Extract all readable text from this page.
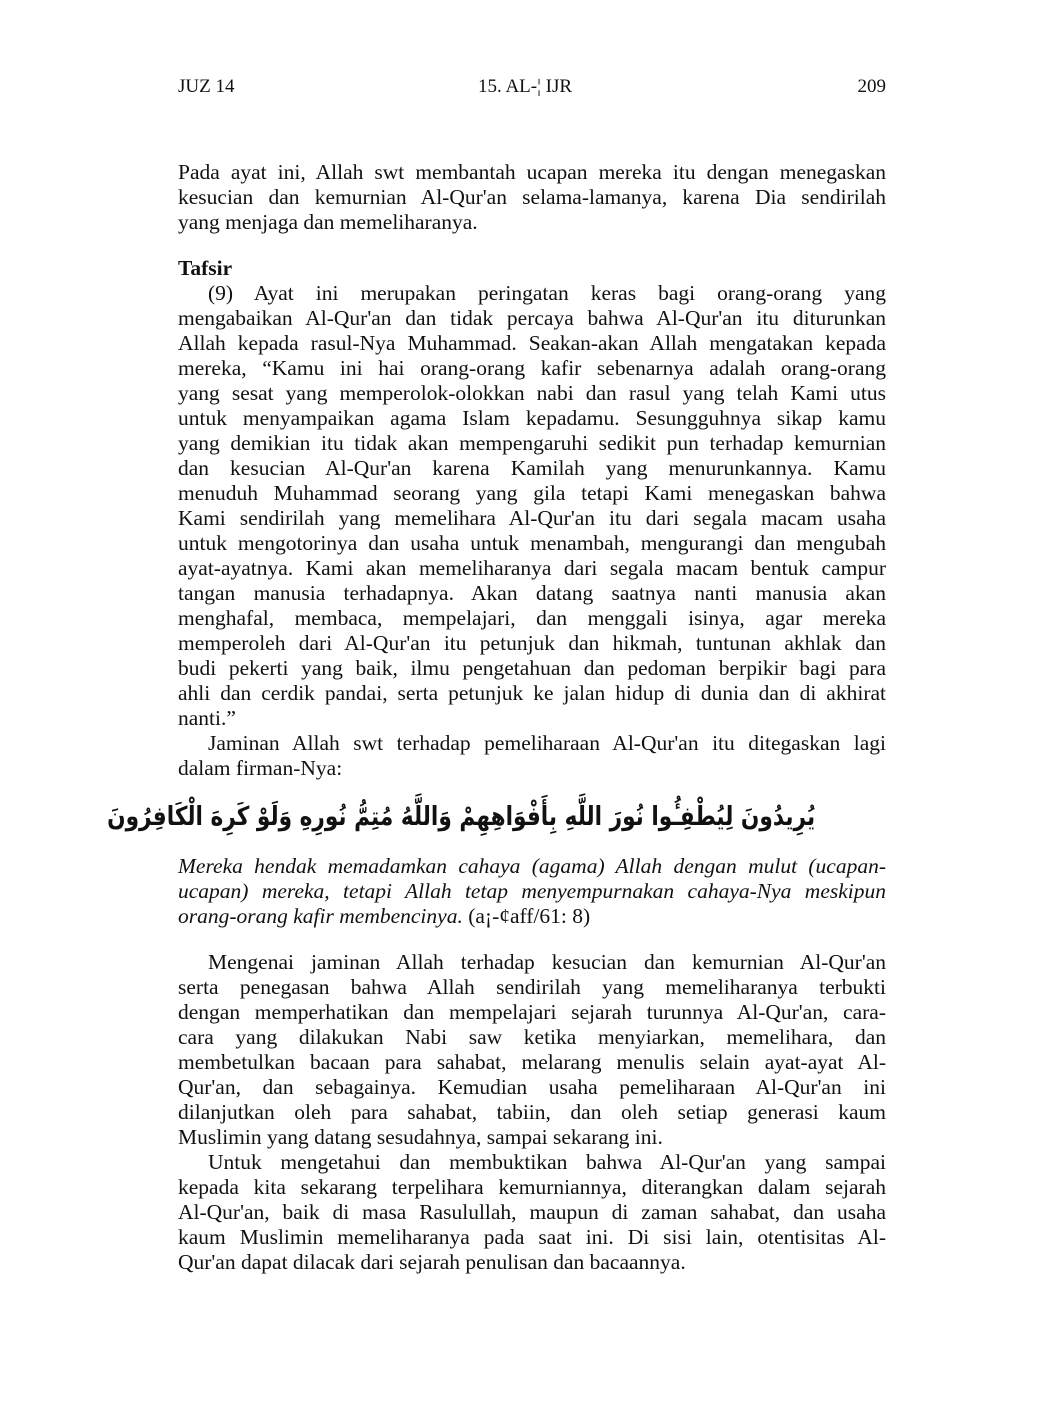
JUZ 14	15. AL-¦ IJR	209
Pada ayat ini, Allah swt membantah ucapan mereka itu dengan menegaskan
kesucian dan kemurnian Al-Qur'an selama-lamanya, karena Dia sendirilah
yang menjaga dan memeliharanya.
Tafsir
(9) Ayat ini merupakan peringatan keras bagi orang-orang yang
mengabaikan Al-Qur'an dan tidak percaya bahwa Al-Qur'an itu diturunkan
Allah kepada rasul-Nya Muhammad. Seakan-akan Allah mengatakan kepada
mereka, “Kamu ini hai orang-orang kafir sebenarnya adalah orang-orang
yang sesat yang memperolok-olokkan nabi dan rasul yang telah Kami utus
untuk menyampaikan agama Islam kepadamu. Sesungguhnya sikap kamu
yang demikian itu tidak akan mempengaruhi sedikit pun terhadap kemurnian
dan kesucian Al-Qur'an karena Kamilah yang menurunkannya. Kamu
menuduh Muhammad seorang yang gila tetapi Kami menegaskan bahwa
Kami sendirilah yang memelihara Al-Qur'an itu dari segala macam usaha
untuk mengotorinya dan usaha untuk menambah, mengurangi dan mengubah
ayat-ayatnya. Kami akan memeliharanya dari segala macam bentuk campur
tangan manusia terhadapnya. Akan datang saatnya nanti manusia akan
menghafal, membaca, mempelajari, dan menggali isinya, agar mereka
memperoleh dari Al-Qur'an itu petunjuk dan hikmah, tuntunan akhlak dan
budi pekerti yang baik, ilmu pengetahuan dan pedoman berpikir bagi para
ahli dan cerdik pandai, serta petunjuk ke jalan hidup di dunia dan di akhirat
nanti.”
Jaminan Allah swt terhadap pemeliharaan Al-Qur'an itu ditegaskan lagi
dalam firman-Nya:
يُرِيدُونَ لِيُطْفِـُٔوا نُورَ اللَّهِ بِأَفْوَاهِهِمْ وَاللَّهُ مُتِمُّ نُورِهِ وَلَوْ كَرِهَ الْكَافِرُونَ
Mereka hendak memadamkan cahaya (agama) Allah dengan mulut (ucapan-
ucapan) mereka, tetapi Allah tetap menyempurnakan cahaya-Nya meskipun
orang-orang kafir membencinya. (a¡-¢aff/61: 8)
Mengenai jaminan Allah terhadap kesucian dan kemurnian Al-Qur'an
serta penegasan bahwa Allah sendirilah yang memeliharanya terbukti
dengan memperhatikan dan mempelajari sejarah turunnya Al-Qur'an, cara-
cara yang dilakukan Nabi saw ketika menyiarkan, memelihara, dan
membetulkan bacaan para sahabat, melarang menulis selain ayat-ayat Al-
Qur'an, dan sebagainya. Kemudian usaha pemeliharaan Al-Qur'an ini
dilanjutkan oleh para sahabat, tabiin, dan oleh setiap generasi kaum
Muslimin yang datang sesudahnya, sampai sekarang ini.
Untuk mengetahui dan membuktikan bahwa Al-Qur'an yang sampai
kepada kita sekarang terpelihara kemurniannya, diterangkan dalam sejarah
Al-Qur'an, baik di masa Rasulullah, maupun di zaman sahabat, dan usaha
kaum Muslimin memeliharanya pada saat ini. Di sisi lain, otentisitas Al-
Qur'an dapat dilacak dari sejarah penulisan dan bacaannya.
